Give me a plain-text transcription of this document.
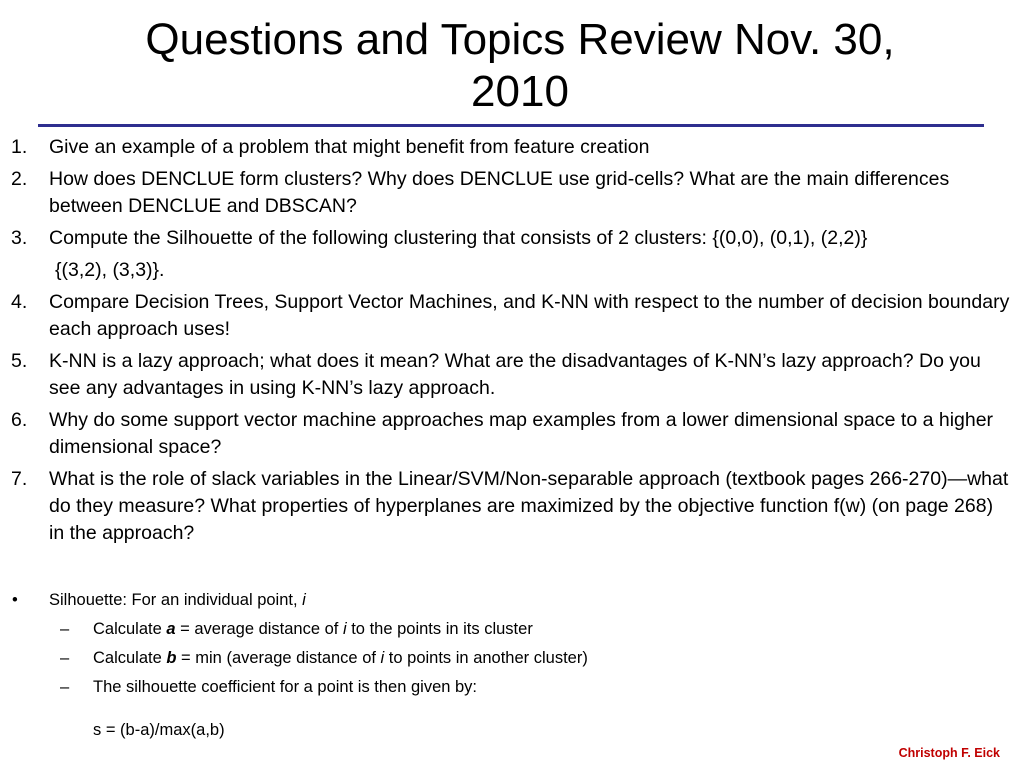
Questions and Topics Review Nov. 30,
2010
1. Give an example of a problem that might benefit from feature creation
2. How does DENCLUE form clusters? Why does DENCLUE use grid-cells? What are the main differences between DENCLUE and DBSCAN?
3. Compute the Silhouette of the following clustering that consists of 2 clusters: {(0,0), (0,1), (2,2)}
{(3,2), (3,3)}.
4. Compare Decision Trees, Support Vector Machines, and K-NN with respect to the number of decision boundary each approach uses!
5. K-NN is a lazy approach; what does it mean? What are the disadvantages of K-NN’s lazy approach? Do you see any advantages in using K-NN’s lazy approach.
6. Why do some support vector machine approaches map examples from a lower dimensional space to a higher dimensional space?
7. What is the role of slack variables in the Linear/SVM/Non-separable approach (textbook pages 266-270)—what do they measure? What properties of hyperplanes are maximized by the objective function f(w) (on page 268) in the approach?
• Silhouette: For an individual point, i
– Calculate a = average distance of i to the points in its cluster
– Calculate b = min (average distance of i to points in another cluster)
– The silhouette coefficient for a point is then given by:
s = (b-a)/max(a,b)
Christoph F. Eick
